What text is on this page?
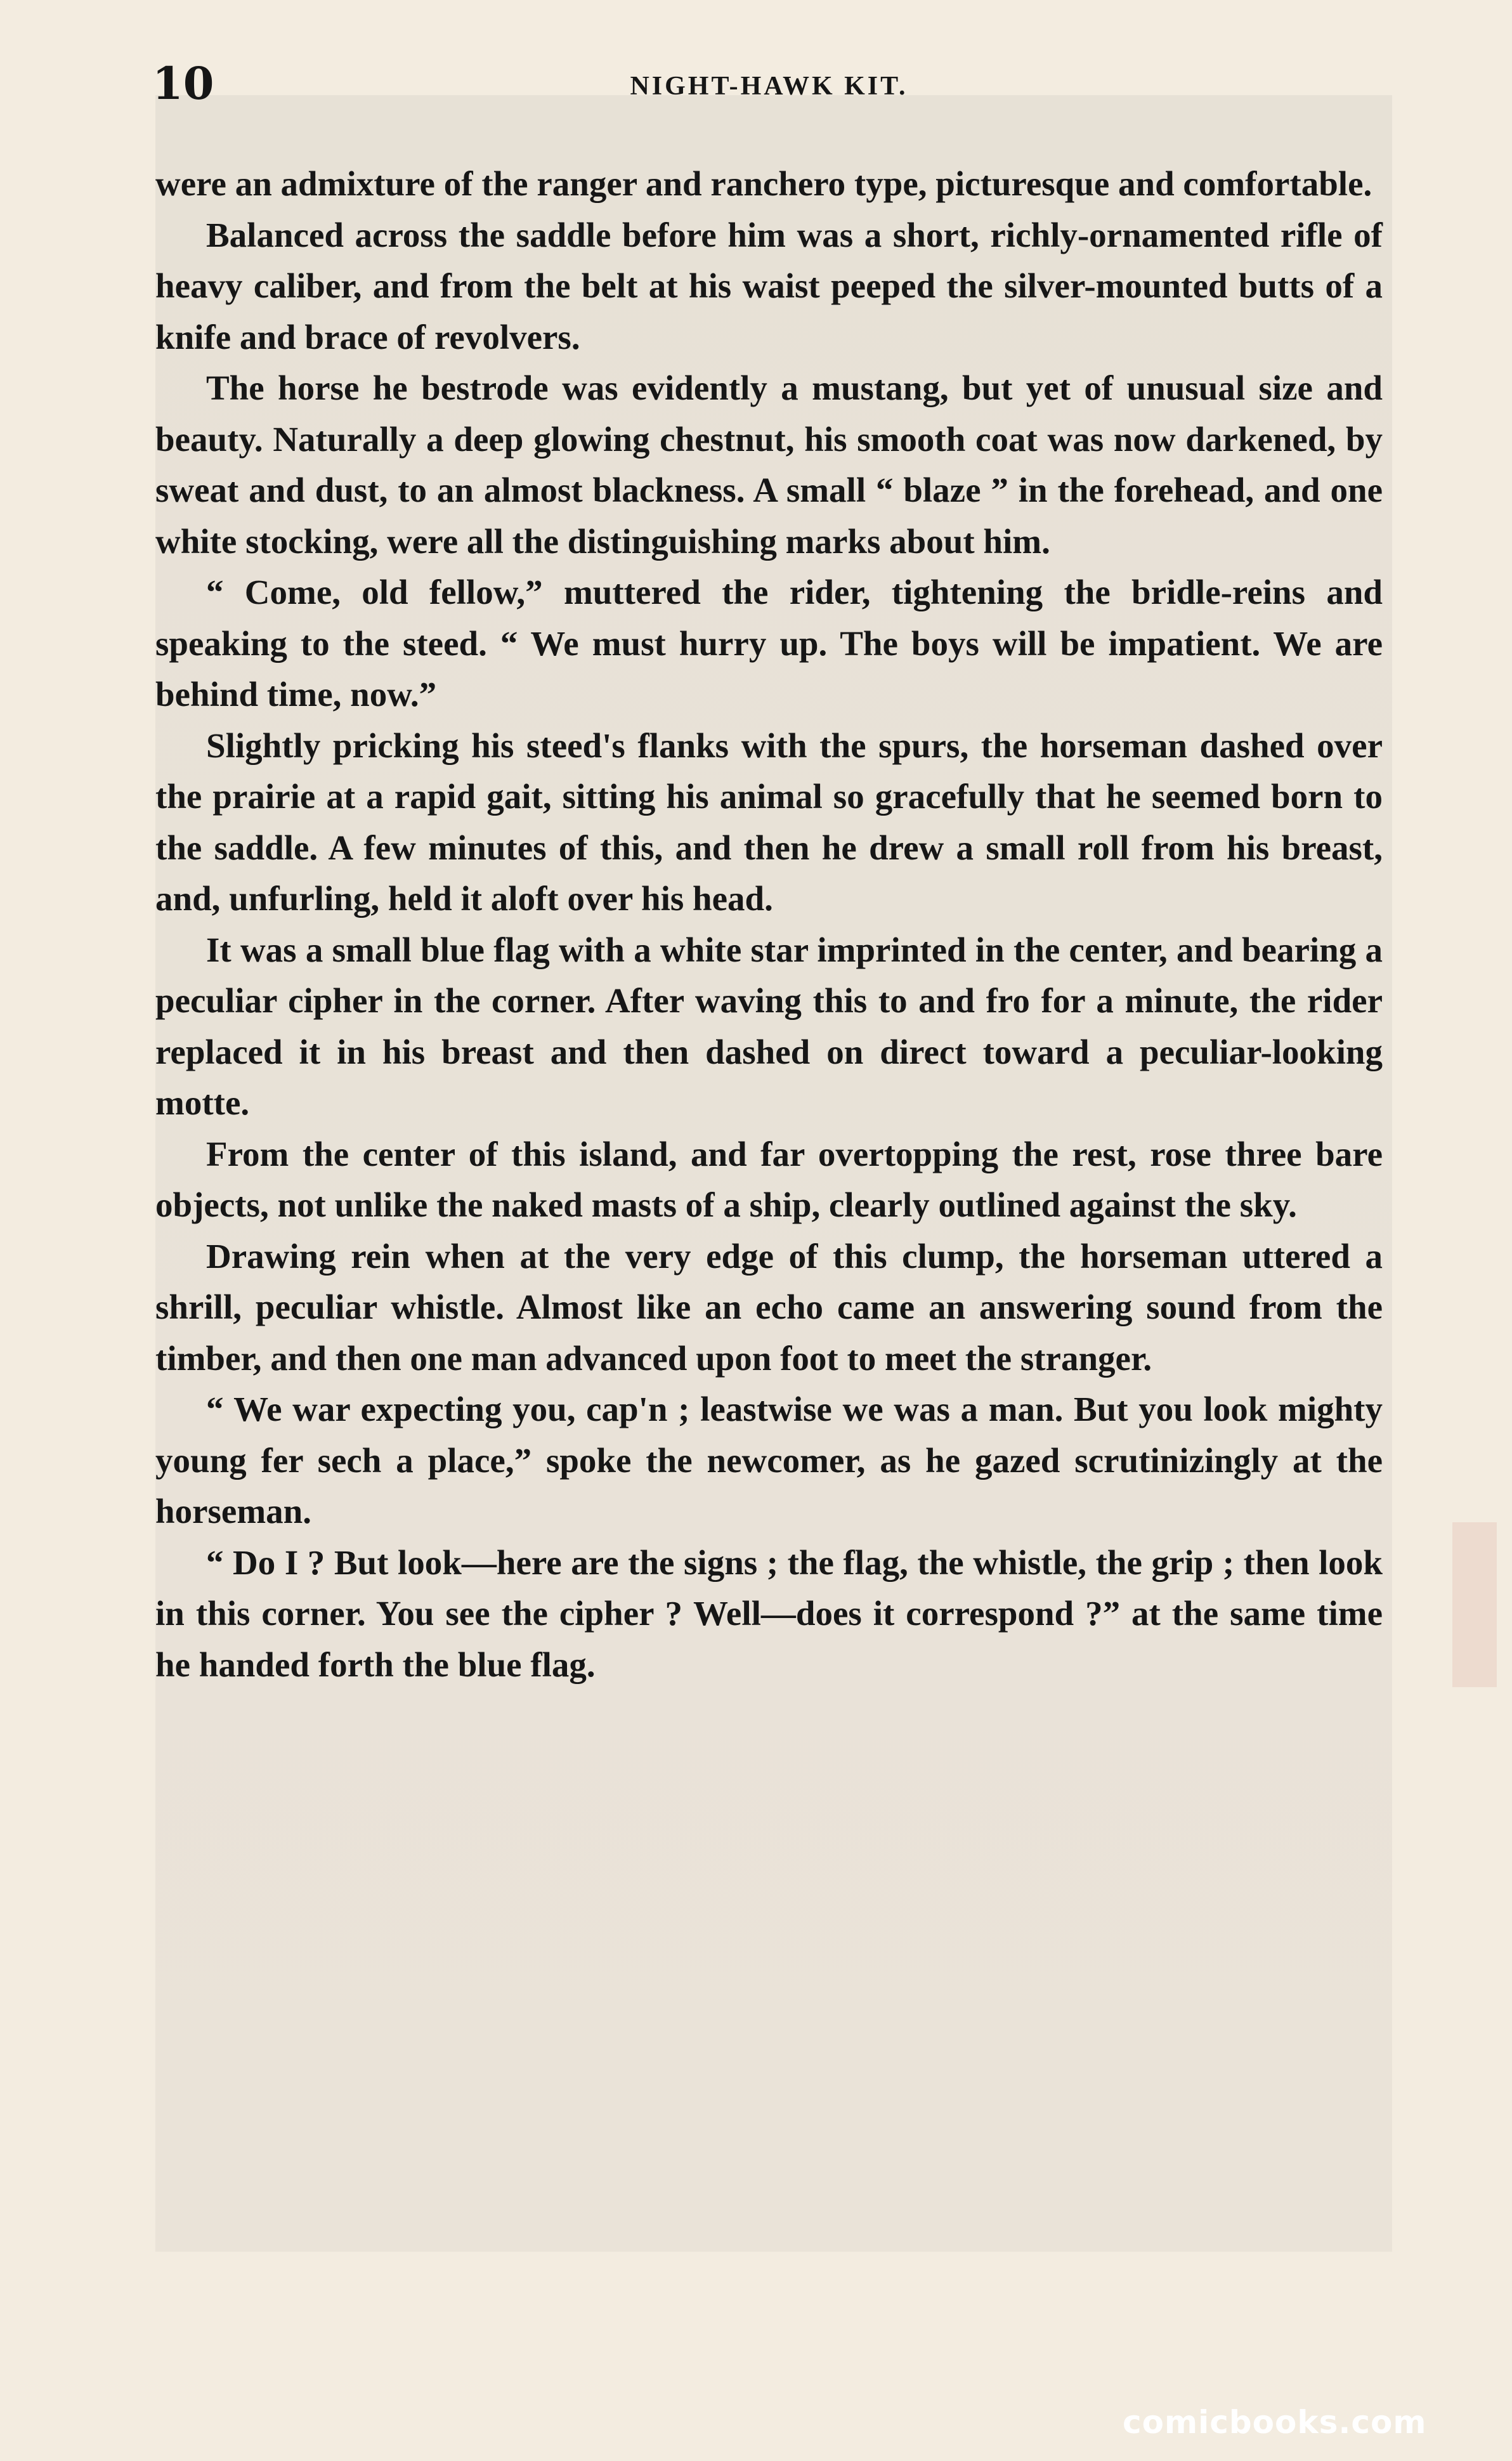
10	NIGHT-HAWK KIT.

were an admixture of the ranger and ranchero type, picturesque and comfortable.

Balanced across the saddle before him was a short, richly-ornamented rifle of heavy caliber, and from the belt at his waist peeped the silver-mounted butts of a knife and brace of revolvers.

The horse he bestrode was evidently a mustang, but yet of unusual size and beauty. Naturally a deep glowing chestnut, his smooth coat was now darkened, by sweat and dust, to an almost blackness. A small “ blaze ” in the forehead, and one white stocking, were all the distinguishing marks about him.

“ Come, old fellow,” muttered the rider, tightening the bridle-reins and speaking to the steed. “ We must hurry up. The boys will be impatient. We are behind time, now.”

Slightly pricking his steed's flanks with the spurs, the horseman dashed over the prairie at a rapid gait, sitting his animal so gracefully that he seemed born to the saddle. A few minutes of this, and then he drew a small roll from his breast, and, unfurling, held it aloft over his head.

It was a small blue flag with a white star imprinted in the center, and bearing a peculiar cipher in the corner. After waving this to and fro for a minute, the rider replaced it in his breast and then dashed on direct toward a peculiar-looking motte.

From the center of this island, and far overtopping the rest, rose three bare objects, not unlike the naked masts of a ship, clearly outlined against the sky.

Drawing rein when at the very edge of this clump, the horseman uttered a shrill, peculiar whistle. Almost like an echo came an answering sound from the timber, and then one man advanced upon foot to meet the stranger.

“ We war expecting you, cap'n ; leastwise we was a man. But you look mighty young fer sech a place,” spoke the newcomer, as he gazed scrutinizingly at the horseman.

“ Do I ? But look—here are the signs ; the flag, the whistle, the grip ; then look in this corner. You see the cipher ? Well—does it correspond ?” at the same time he handed forth the blue flag.

comicbooks.com
